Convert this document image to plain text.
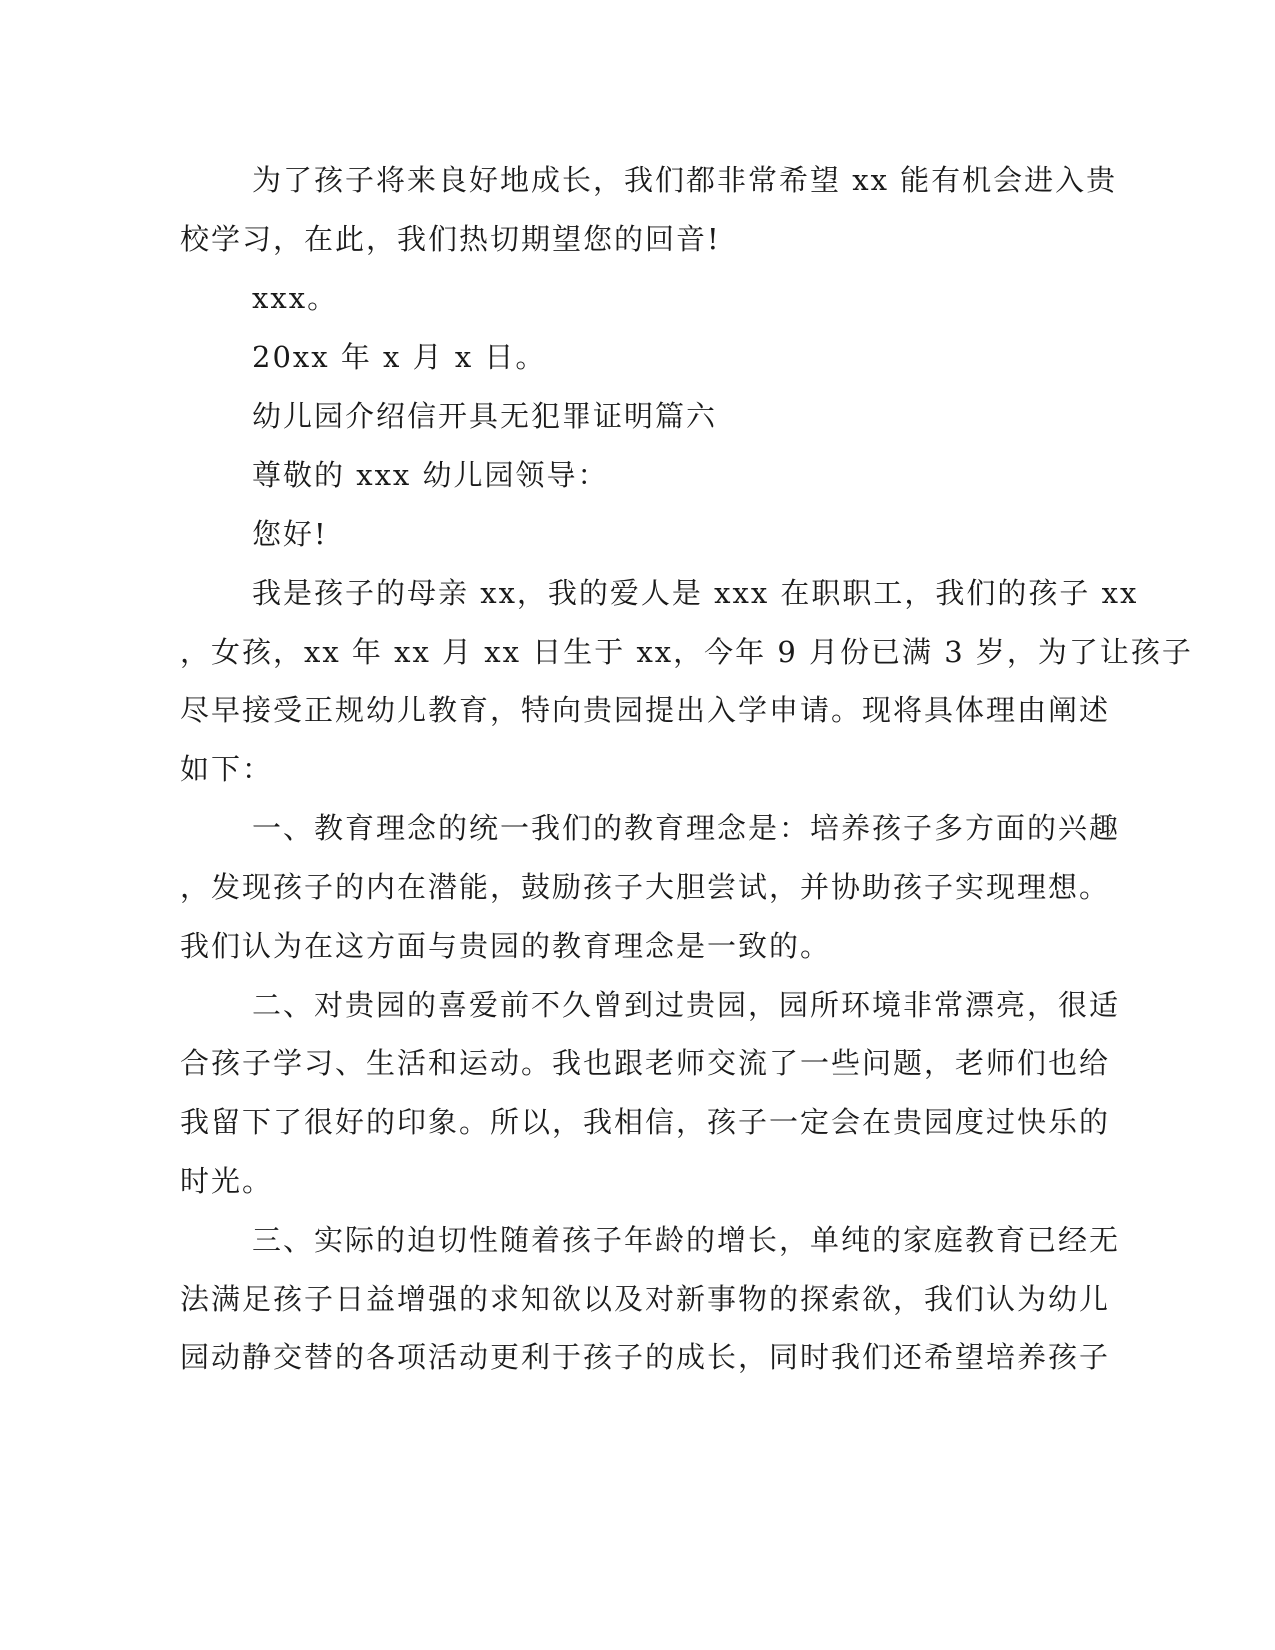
为了孩子将来良好地成长，我们都非常希望 xx 能有机会进入贵
校学习，在此，我们热切期望您的回音!
xxx。
20xx 年 x 月 x 日。
幼儿园介绍信开具无犯罪证明篇六
尊敬的 xxx 幼儿园领导：
您好!
我是孩子的母亲 xx，我的爱人是 xxx 在职职工，我们的孩子 xx
，女孩，xx 年 xx 月 xx 日生于 xx，今年 9 月份已满 3 岁，为了让孩子
尽早接受正规幼儿教育，特向贵园提出入学申请。现将具体理由阐述
如下：
一、教育理念的统一我们的教育理念是：培养孩子多方面的兴趣
，发现孩子的内在潜能，鼓励孩子大胆尝试，并协助孩子实现理想。
我们认为在这方面与贵园的教育理念是一致的。
二、对贵园的喜爱前不久曾到过贵园，园所环境非常漂亮，很适
合孩子学习、生活和运动。我也跟老师交流了一些问题，老师们也给
我留下了很好的印象。所以，我相信，孩子一定会在贵园度过快乐的
时光。
三、实际的迫切性随着孩子年龄的增长，单纯的家庭教育已经无
法满足孩子日益增强的求知欲以及对新事物的探索欲，我们认为幼儿
园动静交替的各项活动更利于孩子的成长，同时我们还希望培养孩子
